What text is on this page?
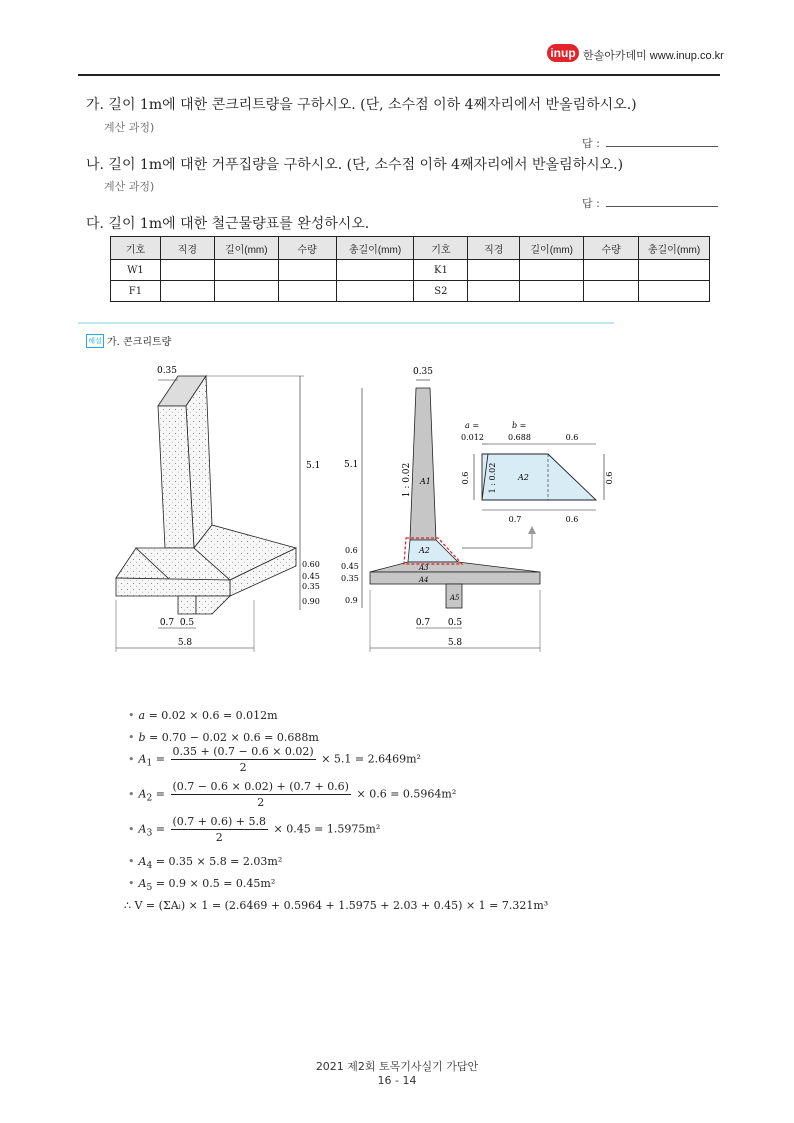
inup 한솔아카데미 www.inup.co.kr
가. 길이 1m에 대한 콘크리트량을 구하시오. (단, 소수점 이하 4째자리에서 반올림하시오.)
계산 과정)
답 :
나. 길이 1m에 대한 거푸집량을 구하시오. (단, 소수점 이하 4째자리에서 반올림하시오.)
계산 과정)
답 :
다. 길이 1m에 대한 철근물량표를 완성하시오.
기호	직경	길이(mm)	수량	총길이(mm)	기호	직경	길이(mm)	수량	총길이(mm)
W1					K1				
F1					S2				
해설 가. 콘크리트량
0.35
5.1
0.60
0.45
0.35
0.90
0.7 0.5
5.8
0.35
5.1	1 : 0.02
0.6
0.45
0.35
0.9
0.7 0.5
5.8
A1
A2
A3
A4
A5
a =
0.012
b =
0.688	0.6
0.6	0.6
1 : 0.02	A2
0.7	0.6
• a = 0.02 × 0.6 = 0.012m
• b = 0.70 − 0.02 × 0.6 = 0.688m
• $A_1 = \frac{0.35 + (0.7 - 0.6 \times 0.02)}{2} \times 5.1 = 2.6469m^2$
• $A_2 = \frac{(0.7 - 0.6 \times 0.02) + (0.7 + 0.6)}{2} \times 0.6 = 0.5964m^2$
• $A_3 = \frac{(0.7 + 0.6) + 5.8}{2} \times 0.45 = 1.5975m^2$
• $A_4 = 0.35 \times 5.8 = 2.03m^2$
• $A_5 = 0.9 \times 0.5 = 0.45m^2$
∴ V = (ΣAᵢ) × 1 = (2.6469 + 0.5964 + 1.5975 + 2.03 + 0.45) × 1 = 7.321m³
2021 제2회 토목기사실기 가답안
16 - 14
